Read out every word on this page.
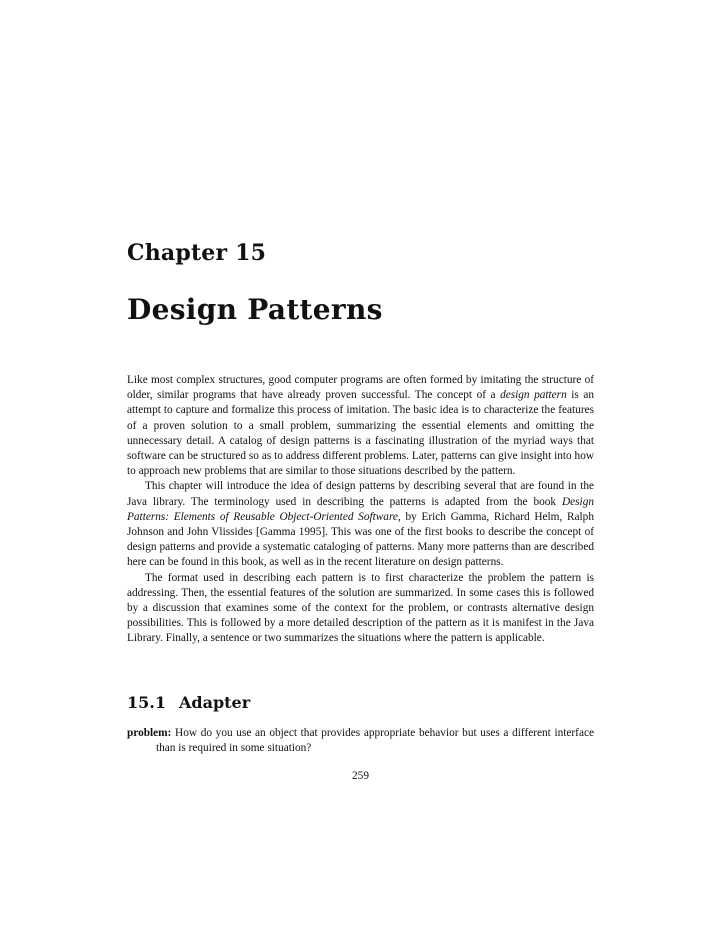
Chapter 15
Design Patterns

Like most complex structures, good computer programs are often formed by imitating the structure of older, similar programs that have already proven successful. The concept of a design pattern is an attempt to capture and formalize this process of imitation. The basic idea is to characterize the features of a proven solution to a small problem, summarizing the essential elements and omitting the unnecessary detail. A catalog of design patterns is a fascinating illustration of the myriad ways that software can be structured so as to address different problems. Later, patterns can give insight into how to approach new problems that are similar to those situations described by the pattern.

This chapter will introduce the idea of design patterns by describing several that are found in the Java library. The terminology used in describing the patterns is adapted from the book Design Patterns: Elements of Reusable Object-Oriented Software, by Erich Gamma, Richard Helm, Ralph Johnson and John Vlissides [Gamma 1995]. This was one of the first books to describe the concept of design patterns and provide a systematic cataloging of patterns. Many more patterns than are described here can be found in this book, as well as in the recent literature on design patterns.

The format used in describing each pattern is to first characterize the problem the pattern is addressing. Then, the essential features of the solution are summarized. In some cases this is followed by a discussion that examines some of the context for the problem, or contrasts alternative design possibilities. This is followed by a more detailed description of the pattern as it is manifest in the Java Library. Finally, a sentence or two summarizes the situations where the pattern is applicable.

15.1 Adapter
problem: How do you use an object that provides appropriate behavior but uses a different interface than is required in some situation?
259
